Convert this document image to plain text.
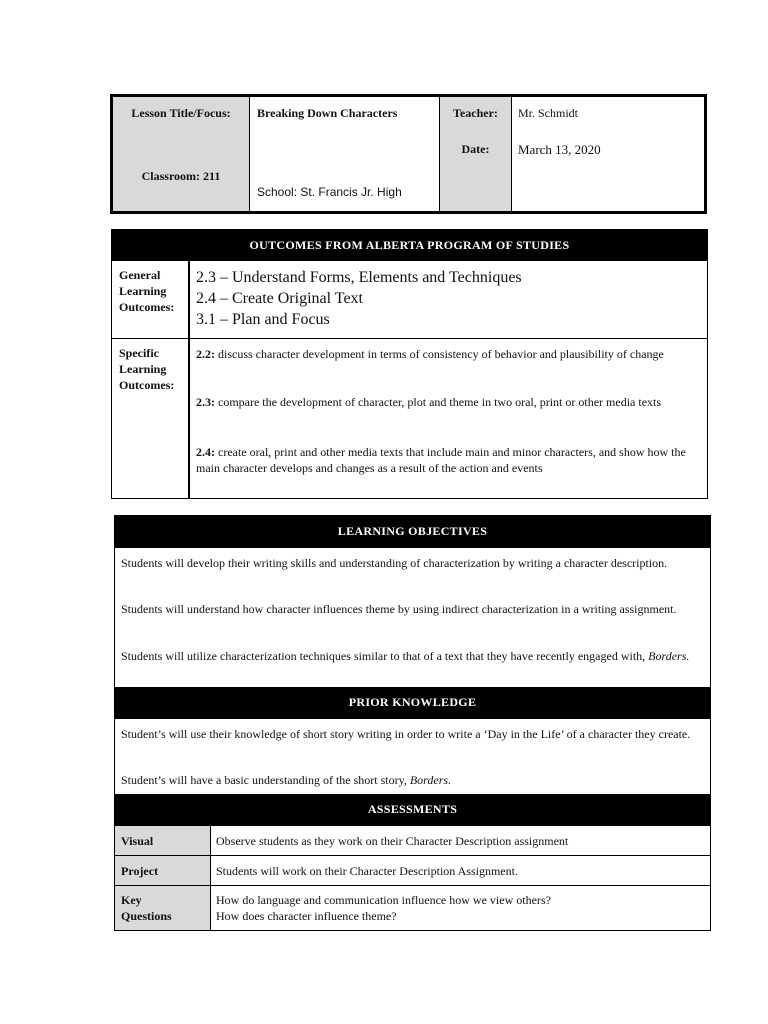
Lesson Title/Focus:
Classroom: 211
Breaking Down Characters
School: St. Francis Jr. High
Teacher:
Date:
Mr. Schmidt
March 13, 2020
OUTCOMES FROM ALBERTA PROGRAM OF STUDIES
General Learning Outcomes:
2.3 – Understand Forms, Elements and Techniques
2.4 – Create Original Text
3.1 – Plan and Focus
Specific Learning Outcomes:
2.2: discuss character development in terms of consistency of behavior and plausibility of change
2.3: compare the development of character, plot and theme in two oral, print or other media texts
2.4: create oral, print and other media texts that include main and minor characters, and show how the main character develops and changes as a result of the action and events
LEARNING OBJECTIVES
Students will develop their writing skills and understanding of characterization by writing a character description.
Students will understand how character influences theme by using indirect characterization in a writing assignment.
Students will utilize characterization techniques similar to that of a text that they have recently engaged with, Borders.
PRIOR KNOWLEDGE
Student’s will use their knowledge of short story writing in order to write a ‘Day in the Life’ of a character they create.
Student’s will have a basic understanding of the short story, Borders.
ASSESSMENTS
Visual	Observe students as they work on their Character Description assignment
Project	Students will work on their Character Description Assignment.
Key Questions
How do language and communication influence how we view others?
How does character influence theme?
